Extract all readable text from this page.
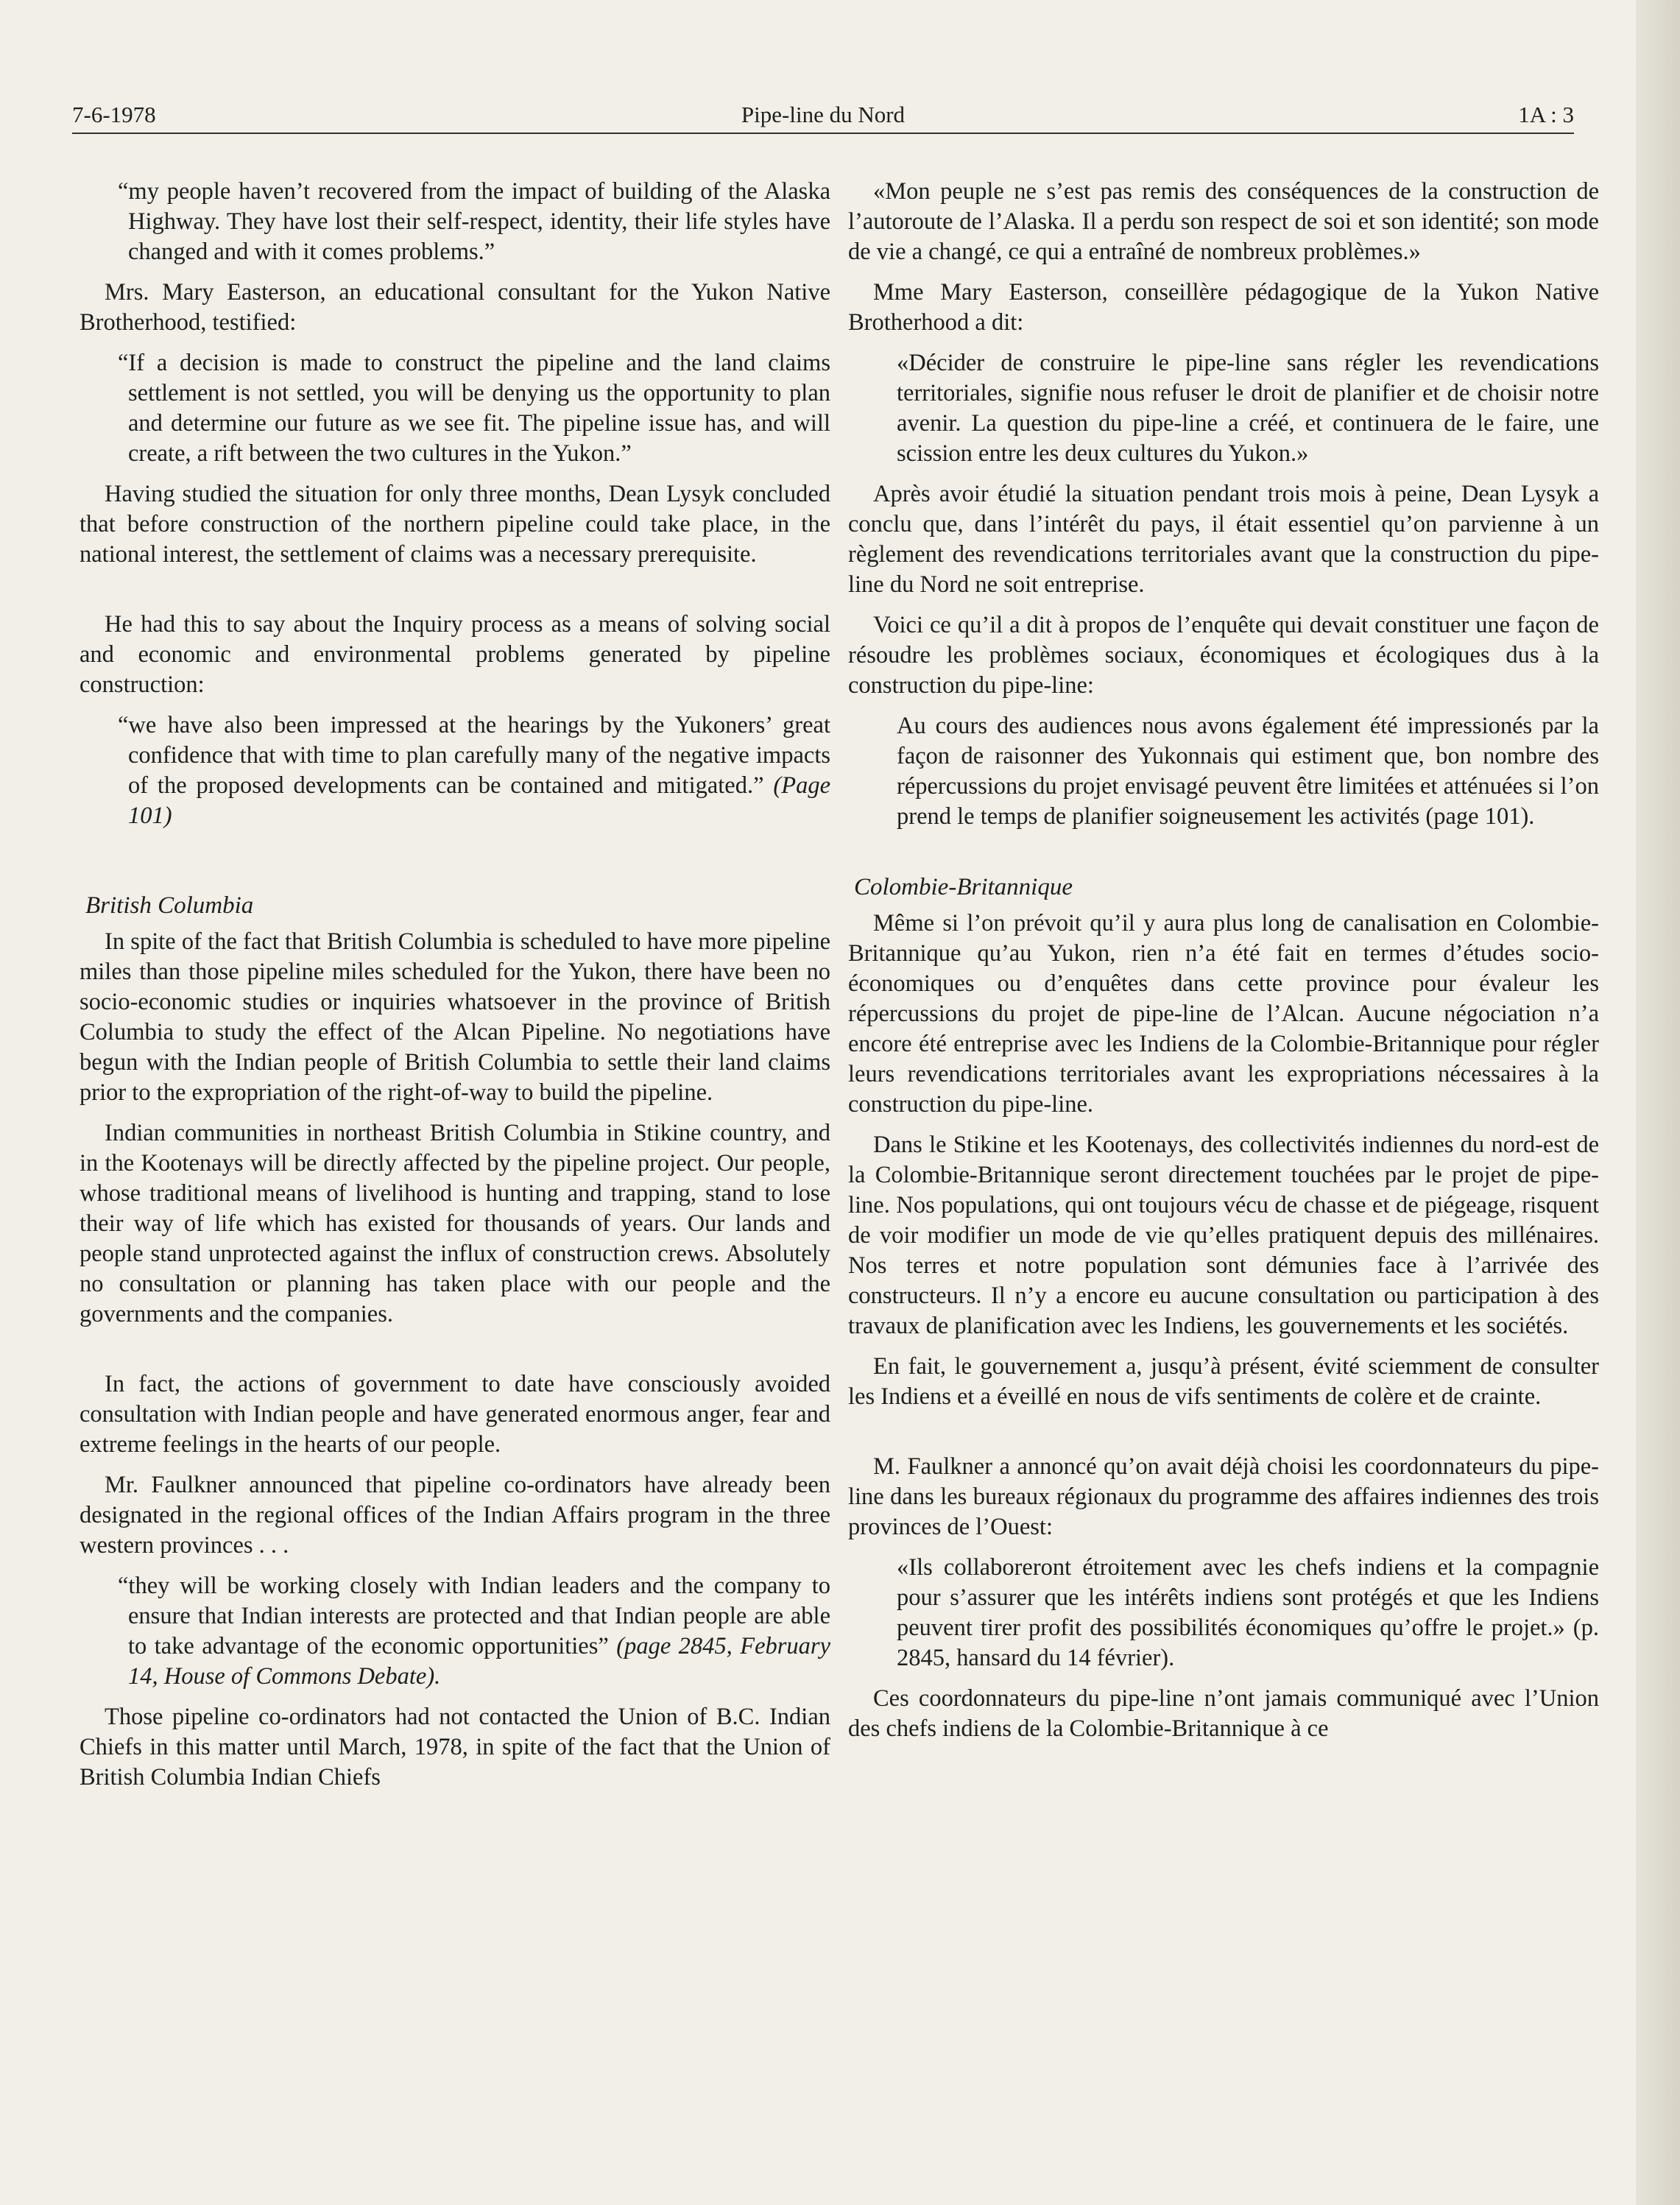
7-6-1978	Pipe-line du Nord	1A : 3

“my people haven’t recovered from the impact of building of the Alaska Highway. They have lost their self-respect, identity, their life styles have changed and with it comes problems.”

Mrs. Mary Easterson, an educational consultant for the Yukon Native Brotherhood, testified:

“If a decision is made to construct the pipeline and the land claims settlement is not settled, you will be denying us the opportunity to plan and determine our future as we see fit. The pipeline issue has, and will create, a rift between the two cultures in the Yukon.”

Having studied the situation for only three months, Dean Lysyk concluded that before construction of the northern pipeline could take place, in the national interest, the settlement of claims was a necessary prerequisite.

He had this to say about the Inquiry process as a means of solving social and economic and environmental problems generated by pipeline construction:

“we have also been impressed at the hearings by the Yukoners’ great confidence that with time to plan carefully many of the negative impacts of the proposed developments can be contained and mitigated.” (Page 101)

British Columbia

In spite of the fact that British Columbia is scheduled to have more pipeline miles than those pipeline miles scheduled for the Yukon, there have been no socio-economic studies or inquiries whatsoever in the province of British Columbia to study the effect of the Alcan Pipeline. No negotiations have begun with the Indian people of British Columbia to settle their land claims prior to the expropriation of the right-of-way to build the pipeline.

Indian communities in northeast British Columbia in Stikine country, and in the Kootenays will be directly affected by the pipeline project. Our people, whose traditional means of livelihood is hunting and trapping, stand to lose their way of life which has existed for thousands of years. Our lands and people stand unprotected against the influx of construction crews. Absolutely no consultation or planning has taken place with our people and the governments and the companies.

In fact, the actions of government to date have consciously avoided consultation with Indian people and have generated enormous anger, fear and extreme feelings in the hearts of our people.

Mr. Faulkner announced that pipeline co-ordinators have already been designated in the regional offices of the Indian Affairs program in the three western provinces . . .

“they will be working closely with Indian leaders and the company to ensure that Indian interests are protected and that Indian people are able to take advantage of the economic opportunities” (page 2845, February 14, House of Commons Debate).

Those pipeline co-ordinators had not contacted the Union of B.C. Indian Chiefs in this matter until March, 1978, in spite of the fact that the Union of British Columbia Indian Chiefs

«Mon peuple ne s’est pas remis des conséquences de la construction de l’autoroute de l’Alaska. Il a perdu son respect de soi et son identité; son mode de vie a changé, ce qui a entraîné de nombreux problèmes.»

Mme Mary Easterson, conseillère pédagogique de la Yukon Native Brotherhood a dit:

«Décider de construire le pipe-line sans régler les revendications territoriales, signifie nous refuser le droit de planifier et de choisir notre avenir. La question du pipe-line a créé, et continuera de le faire, une scission entre les deux cultures du Yukon.»

Après avoir étudié la situation pendant trois mois à peine, Dean Lysyk a conclu que, dans l’intérêt du pays, il était essentiel qu’on parvienne à un règlement des revendications territoriales avant que la construction du pipe-line du Nord ne soit entreprise.

Voici ce qu’il a dit à propos de l’enquête qui devait constituer une façon de résoudre les problèmes sociaux, économiques et écologiques dus à la construction du pipe-line:

Au cours des audiences nous avons également été impressionés par la façon de raisonner des Yukonnais qui estiment que, bon nombre des répercussions du projet envisagé peuvent être limitées et atténuées si l’on prend le temps de planifier soigneusement les activités (page 101).

Colombie-Britannique

Même si l’on prévoit qu’il y aura plus long de canalisation en Colombie-Britannique qu’au Yukon, rien n’a été fait en termes d’études socio-économiques ou d’enquêtes dans cette province pour évaleur les répercussions du projet de pipe-line de l’Alcan. Aucune négociation n’a encore été entreprise avec les Indiens de la Colombie-Britannique pour régler leurs revendications territoriales avant les expropriations nécessaires à la construction du pipe-line.

Dans le Stikine et les Kootenays, des collectivités indiennes du nord-est de la Colombie-Britannique seront directement touchées par le projet de pipe-line. Nos populations, qui ont toujours vécu de chasse et de piégeage, risquent de voir modifier un mode de vie qu’elles pratiquent depuis des millénaires. Nos terres et notre population sont démunies face à l’arrivée des constructeurs. Il n’y a encore eu aucune consultation ou participation à des travaux de planification avec les Indiens, les gouvernements et les sociétés.

En fait, le gouvernement a, jusqu’à présent, évité sciemment de consulter les Indiens et a éveillé en nous de vifs sentiments de colère et de crainte.

M. Faulkner a annoncé qu’on avait déjà choisi les coordonnateurs du pipe-line dans les bureaux régionaux du programme des affaires indiennes des trois provinces de l’Ouest:

«Ils collaboreront étroitement avec les chefs indiens et la compagnie pour s’assurer que les intérêts indiens sont protégés et que les Indiens peuvent tirer profit des possibilités économiques qu’offre le projet.» (p. 2845, hansard du 14 février).

Ces coordonnateurs du pipe-line n’ont jamais communiqué avec l’Union des chefs indiens de la Colombie-Britannique à ce
